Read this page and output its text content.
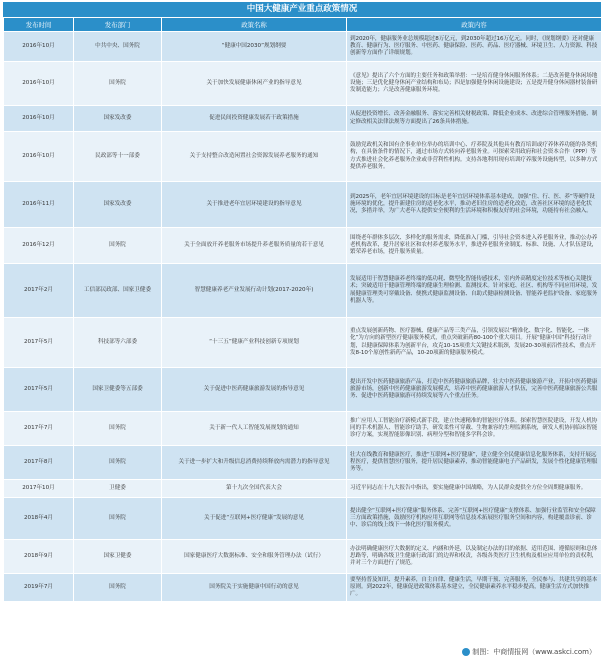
中国大健康产业重点政策情况
发布时间	发布部门	政策名称	政策内容
2016年10月	中共中央、国务院	“健康中国2030”规划纲要	到2020年，健康服务业总规模超过8万亿元，到2030年超过16万亿元。同时，《规划纲要》还对健康教育、健康行为、医疗服务、中医药、健康保险、医药、药品、医疗器械、环境卫生、人力资源、科技创新等方面作了详细规划。
2016年10月	国务院	关于加快发展健康休闲产业的指导意见	《意见》提出了六个方面的主要任务和政策举措：一是培育健身休闲服务体系；二是改善健身休闲场地设施；三是优化健身休闲产业结构和布局；四是加强健身休闲设施建设；五是提升健身休闲器材装备研发制造能力；六是改善健康服务环境。
2016年10月	国家发改委	促进民间投资健康发展若干政策措施	从促进投资增长、改善金融服务、落实完善相关财税政策、降低企业成本、改进综合管理服务措施、制定修改相关法律法规等方面提出了26条具体措施。
2016年10月	民政部等十一部委	关于支持整合改造闲置社会资源发展养老服务的通知	鼓励党政机关和国有企事业单位举办的培训中心、疗养院及其他具有教育培训或疗养休养功能的各类机构，在具备条件的情况下，通过市场方式转向养老服务业。可探索采用政府和社会资本合作（PPP）等方式推进社会化养老服务企业或非营利性机构。支持各地利用现有培训疗养服务设施转型，以多种方式提供养老服务。
2016年11月	国家发改委	关于推进老年宜居环境建设的指导意见	到2025年，老年宜居环境建设的目标是老年宜居环境体系基本建成，加强“住、行、医、养”等硬件设施环境的优化，提升新建住房的适老化水平，推动老旧住房的适老化改造，改善社区环境的适老化状况，多措并举，为广大老年人提供安全便利的生活环境和积极友好的社会环境，功能持有社会融入。
2016年12月	国务院	关于全面放开养老服务市场提升养老服务质量的若干意见	围绕老年群体多层次、多样化的服务需求，降低准入门槛，引导社会资本进入养老服务业，推动公办养老机构改革，提升居家社区和农村养老服务水平，推进养老服务业制度、标准、设施、人才队伍建设，繁荣养老市场，提升服务质量。
2017年2月	工信部民政部、国家卫健委	智慧健康养老产业发展行动计划(2017-2020年)	发展适用于智慧健康养老终端的低功耗、微型化智能传感技术，室内外高精度定位技术等核心关键技术；突破适用于健康管理终端的健康生理检测、监测技术。针对家庭、社区、机构等不同应用环境，发展健康管理类可穿戴设备、便携式健康监测设备、自助式健康检测设备、智能养老监护设备、家庭服务机器人等。
2017年5月	科技部等六部委	“十三五”健康产业科技创新专项规划	重点发展创新药物、医疗器械、健康产品等三类产品，引领发展以“精准化、数字化、智能化、一体化”为方向的新型医疗健康服务模式，重点突破新药80-100个重大项目。开展“健康中国”科技行动计划，以健康保障体系为创新平台，攻克10-15项重大关键技术瓶颈，发展20-30项前沿性技术，重点开发8-10个原创性新药产品，10-20项新的健康服务模式。
2017年5月	国家卫健委等五部委	关于促进中医药健康旅游发展的指导意见	提出开发中医药健康旅游产品，打造中医药健康旅游品牌，壮大中医药健康旅游产业，开拓中医药健康旅游市场，创新中医药健康旅游发展模式，培养中医药健康旅游人才队伍，完善中医药健康旅游公共服务、促进中医药健康旅游可持续发展等八个重点任务。
2017年7月	国务院	关于新一代人工智能发展规划的通知	推广应用人工智能治疗新模式新手段，建立快速精准的智能医疗体系。探索智慧医院建设，开发人机协同的手术机器人、智能诊疗助手，研发柔性可穿戴、生物兼容的生理监测系统，研发人机协同临床智能诊疗方案，实现智能影像识别、病理分型和智能多学科会诊。
2017年8月	国务院	关于进一步扩大和升级信息消费持续释放内需潜力的指导意见	壮大在线教育和健康医疗，推进“互联网+医疗健康”，建立健全全民健康信息化服务体系，支持开展远程医疗，提供智慧医疗服务，提升居民健康素养，推动智能健康电子产品研发，发展个性化健康管理服务等。
2017年10月	卫健委	第十九次全国代表大会	习近平同志在十九大报告中指出，要实施健康中国战略，为人民群众提供全方位全周期健康服务。
2018年4月	国务院	关于促进“互联网+医疗健康”发展的意见	提出健全“互联网+医疗健康”服务体系、完善“互联网+医疗健康”支撑体系、加强行业监管和安全保障三方面政策措施，鼓励医疗机构应用互联网等信息技术拓展医疗服务空间和内容，构建覆盖诊前、诊中、诊后的线上线下一体化医疗服务模式。
2018年9月	国家卫健委	国家健康医疗大数据标准、安全和服务管理办法（试行）	办法明确健康医疗大数据的定义、内涵和外延，以及制定办法的目的依据、适用范围、遵循原则和总体思路等，明确各级卫生健康行政部门的边界和权责，各级各类医疗卫生机构及相应应用单位的责权利，并对三个方面进行了规范。
2019年7月	国务院	国务院关于实施健康中国行动的意见	要坚持普及知识、提升素养，自主自律、健康生活，早期干预、完善服务，全民参与、共建共享的基本原则。到2022年，健康促进政策体系基本建立，全民健康素养水平稳步提高，健康生活方式加快推广。
制图：中商情报网（www.askci.com）
